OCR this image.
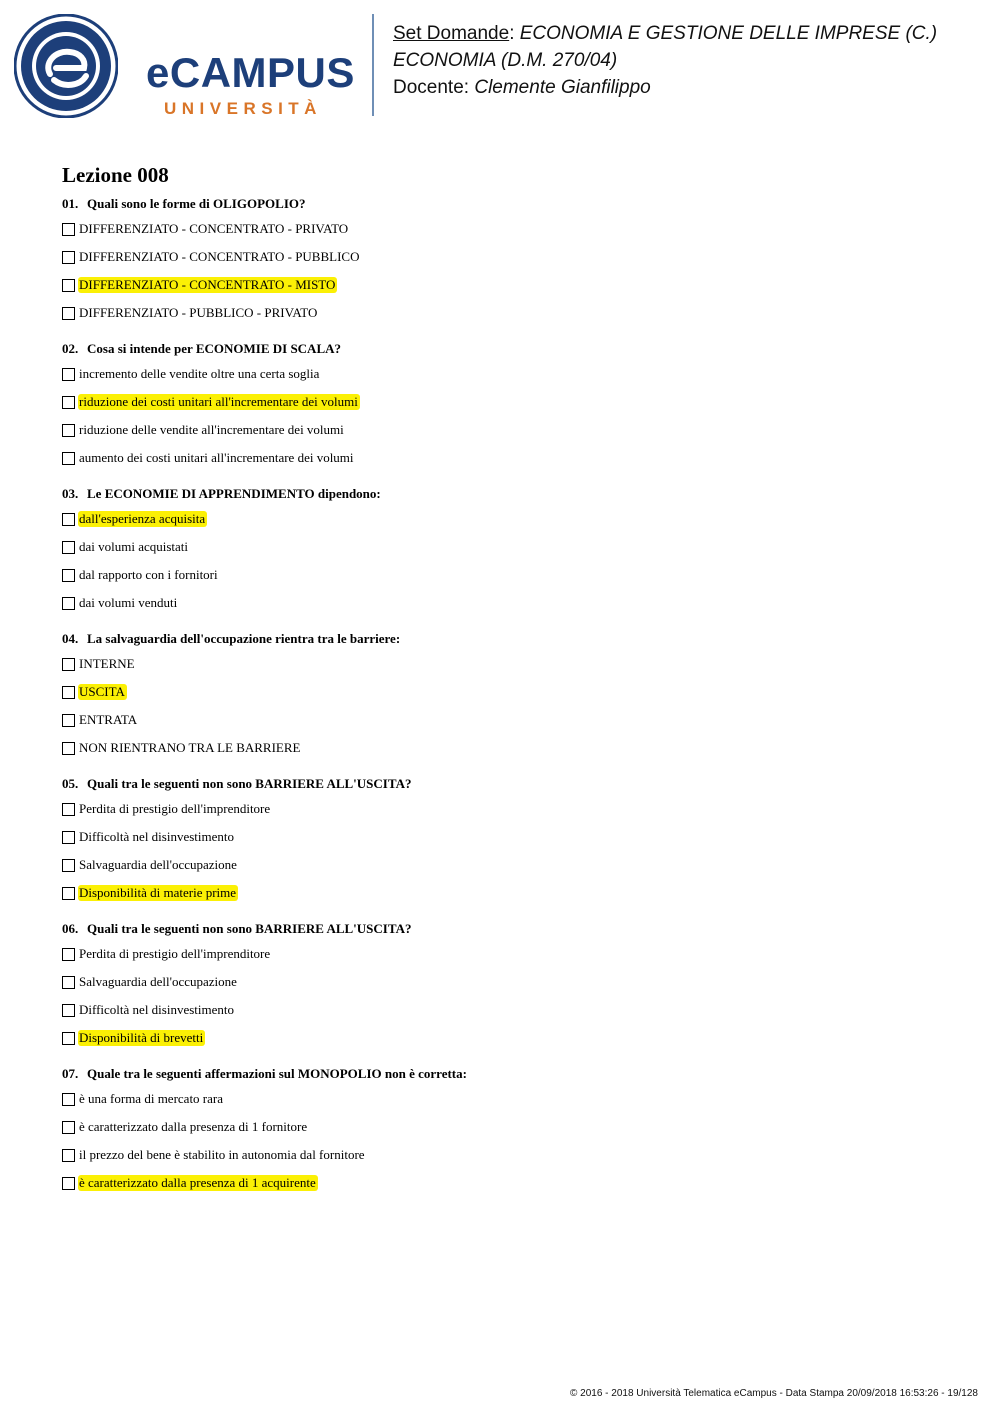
eCAMPUS
UNIVERSITÀ
Set Domande: ECONOMIA E GESTIONE DELLE IMPRESE (C.)
ECONOMIA (D.M. 270/04)
Docente: Clemente Gianfilippo
Lezione 008
01. Quali sono le forme di OLIGOPOLIO?
DIFFERENZIATO - CONCENTRATO - PRIVATO
DIFFERENZIATO - CONCENTRATO - PUBBLICO
DIFFERENZIATO - CONCENTRATO - MISTO
DIFFERENZIATO - PUBBLICO - PRIVATO
02. Cosa si intende per ECONOMIE DI SCALA?
incremento delle vendite oltre una certa soglia
riduzione dei costi unitari all'incrementare dei volumi
riduzione delle vendite all'incrementare dei volumi
aumento dei costi unitari all'incrementare dei volumi
03. Le ECONOMIE DI APPRENDIMENTO dipendono:
dall'esperienza acquisita
dai volumi acquistati
dal rapporto con i fornitori
dai volumi venduti
04. La salvaguardia dell'occupazione rientra tra le barriere:
INTERNE
USCITA
ENTRATA
NON RIENTRANO TRA LE BARRIERE
05. Quali tra le seguenti non sono BARRIERE ALL'USCITA?
Perdita di prestigio dell'imprenditore
Difficoltà nel disinvestimento
Salvaguardia dell'occupazione
Disponibilità di materie prime
06. Quali tra le seguenti non sono BARRIERE ALL'USCITA?
Perdita di prestigio dell'imprenditore
Salvaguardia dell'occupazione
Difficoltà nel disinvestimento
Disponibilità di brevetti
07. Quale tra le seguenti affermazioni sul MONOPOLIO non è corretta:
è una forma di mercato rara
è caratterizzato dalla presenza di 1 fornitore
il prezzo del bene è stabilito in autonomia dal fornitore
è caratterizzato dalla presenza di 1 acquirente
© 2016 - 2018 Università Telematica eCampus - Data Stampa 20/09/2018 16:53:26 - 19/128
